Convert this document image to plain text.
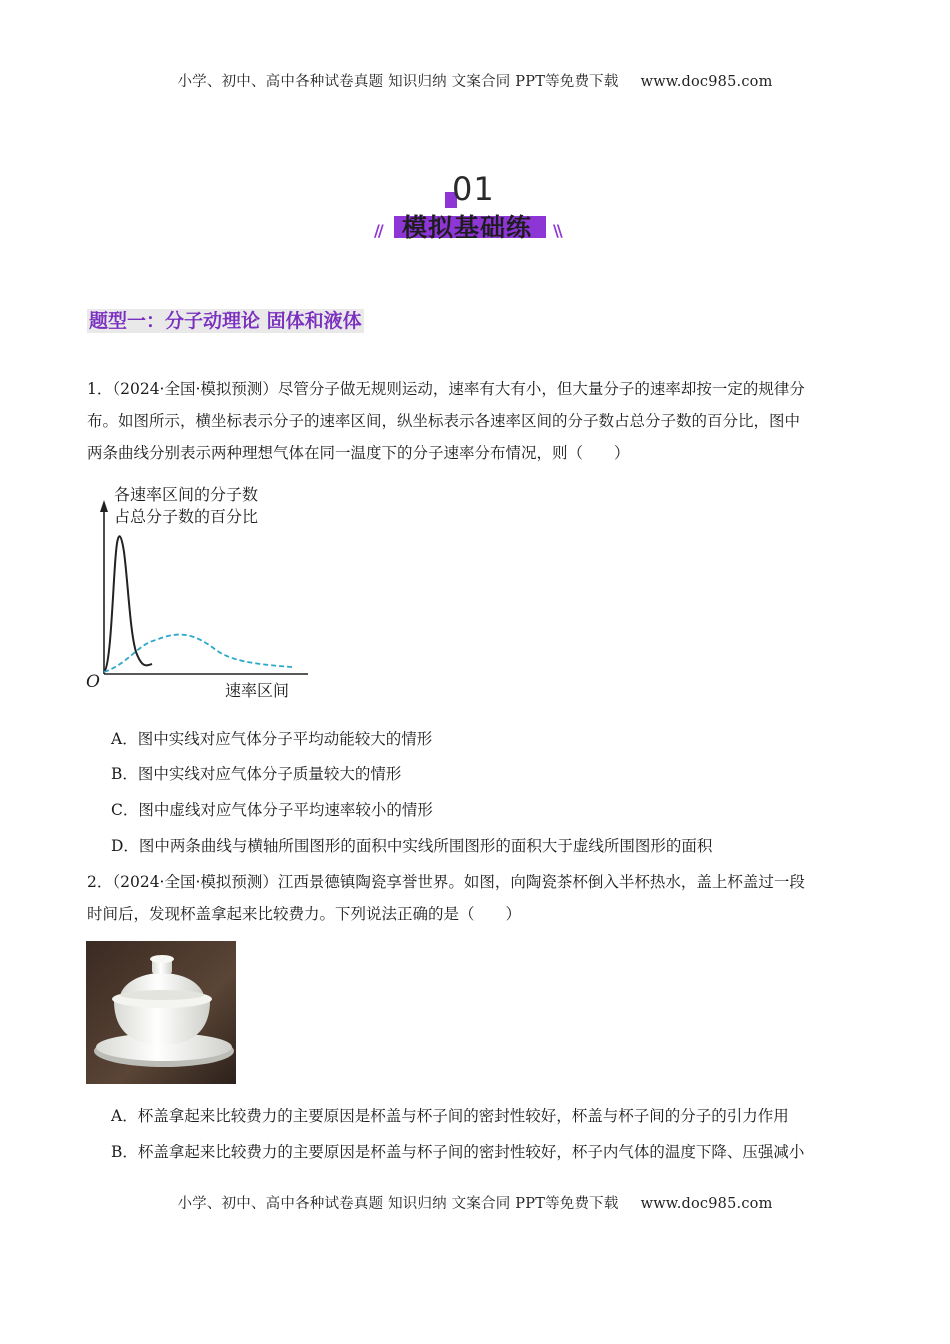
小学、初中、高中各种试卷真题 知识归纳 文案合同 PPT等免费下载 www.doc985.com
01
模拟基础练
//	\\
题型一：分子动理论 固体和液体
1．（2024·全国·模拟预测）尽管分子做无规则运动，速率有大有小，但大量分子的速率却按一定的规律分
布。如图所示，横坐标表示分子的速率区间，纵坐标表示各速率区间的分子数占总分子数的百分比，图中
两条曲线分别表示两种理想气体在同一温度下的分子速率分布情况，则（　　）
各速率区间的分子数
占总分子数的百分比
O	速率区间
A．图中实线对应气体分子平均动能较大的情形
B．图中实线对应气体分子质量较大的情形
C．图中虚线对应气体分子平均速率较小的情形
D．图中两条曲线与横轴所围图形的面积中实线所围图形的面积大于虚线所围图形的面积
2．（2024·全国·模拟预测）江西景德镇陶瓷享誉世界。如图，向陶瓷茶杯倒入半杯热水，盖上杯盖过一段
时间后，发现杯盖拿起来比较费力。下列说法正确的是（　　）
A．杯盖拿起来比较费力的主要原因是杯盖与杯子间的密封性较好，杯盖与杯子间的分子的引力作用
B．杯盖拿起来比较费力的主要原因是杯盖与杯子间的密封性较好，杯子内气体的温度下降、压强减小
小学、初中、高中各种试卷真题 知识归纳 文案合同 PPT等免费下载 www.doc985.com
